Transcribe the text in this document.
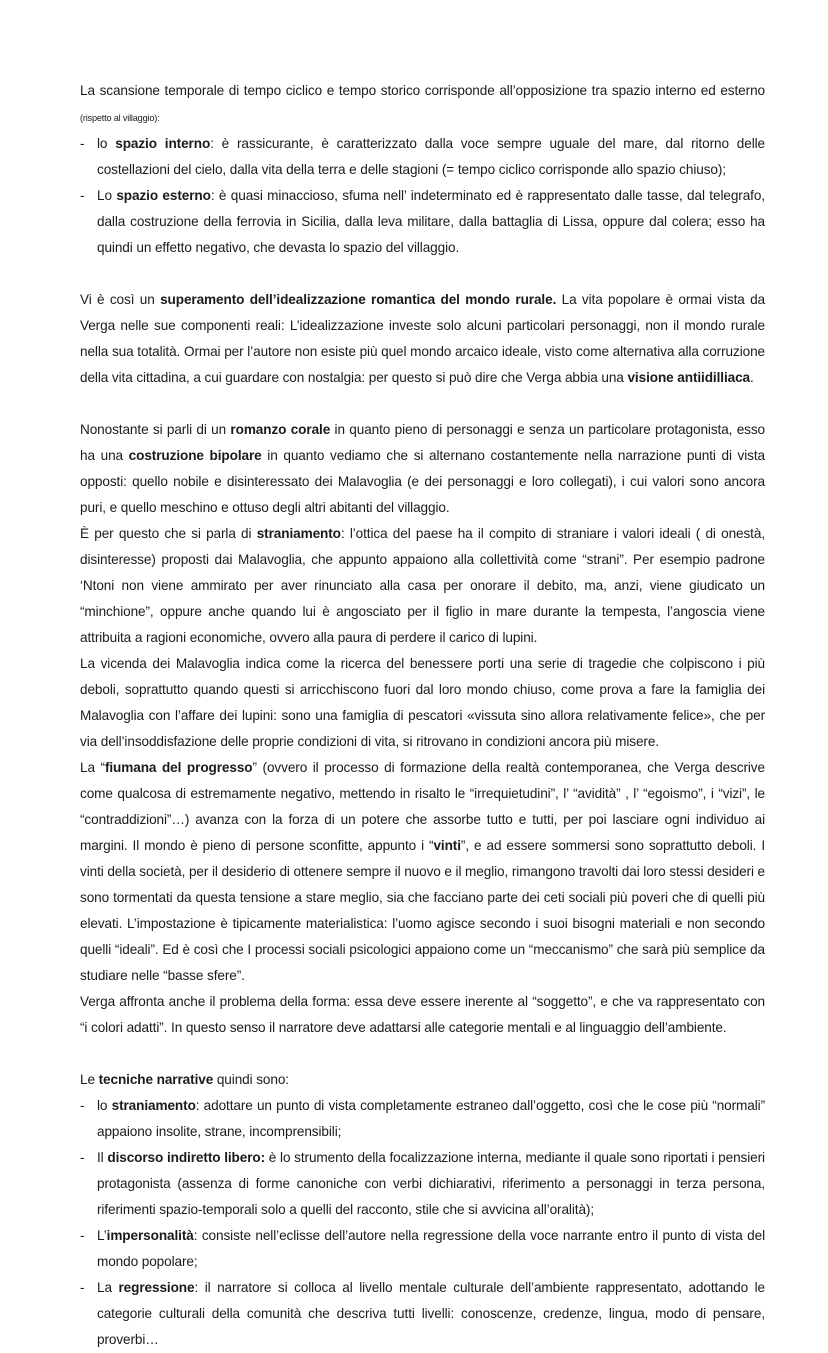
La scansione temporale di tempo ciclico e tempo storico corrisponde all’opposizione tra spazio interno ed esterno (rispetto al villaggio):

- lo spazio interno: è rassicurante, è caratterizzato dalla voce sempre uguale del mare, dal ritorno delle costellazioni del cielo, dalla vita della terra e delle stagioni (= tempo ciclico corrisponde allo spazio chiuso);
- Lo spazio esterno: è quasi minaccioso, sfuma nell’ indeterminato ed è rappresentato dalle tasse, dal telegrafo, dalla costruzione della ferrovia in Sicilia, dalla leva militare, dalla battaglia di Lissa, oppure dal colera; esso ha quindi un effetto negativo, che devasta lo spazio del villaggio.

Vi è così un superamento dell’idealizzazione romantica del mondo rurale. La vita popolare è ormai vista da Verga nelle sue componenti reali: L’idealizzazione investe solo alcuni particolari personaggi, non il mondo rurale nella sua totalità. Ormai per l’autore non esiste più quel mondo arcaico ideale, visto come alternativa alla corruzione della vita cittadina, a cui guardare con nostalgia: per questo si può dire che Verga abbia una visione antiidilliaca.

Nonostante si parli di un romanzo corale in quanto pieno di personaggi e senza un particolare protagonista, esso ha una costruzione bipolare in quanto vediamo che si alternano costantemente nella narrazione punti di vista opposti: quello nobile e disinteressato dei Malavoglia (e dei personaggi e loro collegati), i cui valori sono ancora puri, e quello meschino e ottuso degli altri abitanti del villaggio.

È per questo che si parla di straniamento: l’ottica del paese ha il compito di straniare i valori ideali ( di onestà, disinteresse) proposti dai Malavoglia, che appunto appaiono alla collettività come “strani”. Per esempio padrone ‘Ntoni non viene ammirato per aver rinunciato alla casa per onorare il debito, ma, anzi, viene giudicato un “minchione”, oppure anche quando lui è angosciato per il figlio in mare durante la tempesta, l’angoscia viene attribuita a ragioni economiche, ovvero alla paura di perdere il carico di lupini.

La vicenda dei Malavoglia indica come la ricerca del benessere porti una serie di tragedie che colpiscono i più deboli, soprattutto quando questi si arricchiscono fuori dal loro mondo chiuso, come prova a fare la famiglia dei Malavoglia con l’affare dei lupini: sono una famiglia di pescatori «vissuta sino allora relativamente felice», che per via dell’insoddisfazione delle proprie condizioni di vita, si ritrovano in condizioni ancora più misere.

La “fiumana del progresso” (ovvero il processo di formazione della realtà contemporanea, che Verga descrive come qualcosa di estremamente negativo, mettendo in risalto le “irrequietudini”, l’ “avidità” , l’ “egoismo”, i “vizi”, le “contraddizioni”…) avanza con la forza di un potere che assorbe tutto e tutti, per poi lasciare ogni individuo ai margini. Il mondo è pieno di persone sconfitte, appunto i “vinti”, e ad essere sommersi sono soprattutto deboli. I vinti della società, per il desiderio di ottenere sempre il nuovo e il meglio, rimangono travolti dai loro stessi desideri e sono tormentati da questa tensione a stare meglio, sia che facciano parte dei ceti sociali più poveri che di quelli più elevati. L’impostazione è tipicamente materialistica: l’uomo agisce secondo i suoi bisogni materiali e non secondo quelli “ideali”. Ed è così che I processi sociali psicologici appaiono come un “meccanismo” che sarà più semplice da studiare nelle “basse sfere”.

Verga affronta anche il problema della forma: essa deve essere inerente al “soggetto”, e che va rappresentato con “i colori adatti”. In questo senso il narratore deve adattarsi alle categorie mentali e al linguaggio dell’ambiente.

Le tecniche narrative quindi sono:

- lo straniamento: adottare un punto di vista completamente estraneo dall’oggetto, così che le cose più “normali” appaiono insolite, strane, incomprensibili;
- Il discorso indiretto libero: è lo strumento della focalizzazione interna, mediante il quale sono riportati i pensieri protagonista (assenza di forme canoniche con verbi dichiarativi, riferimento a personaggi in terza persona, riferimenti spazio-temporali solo a quelli del racconto, stile che si avvicina all’oralità);
- L’impersonalità: consiste nell’eclisse dell’autore nella regressione della voce narrante entro il punto di vista del mondo popolare;
- La regressione: il narratore si colloca al livello mentale culturale dell’ambiente rappresentato, adottando le categorie culturali della comunità che descriva tutti livelli: conoscenze, credenze, lingua, modo di pensare, proverbi…
